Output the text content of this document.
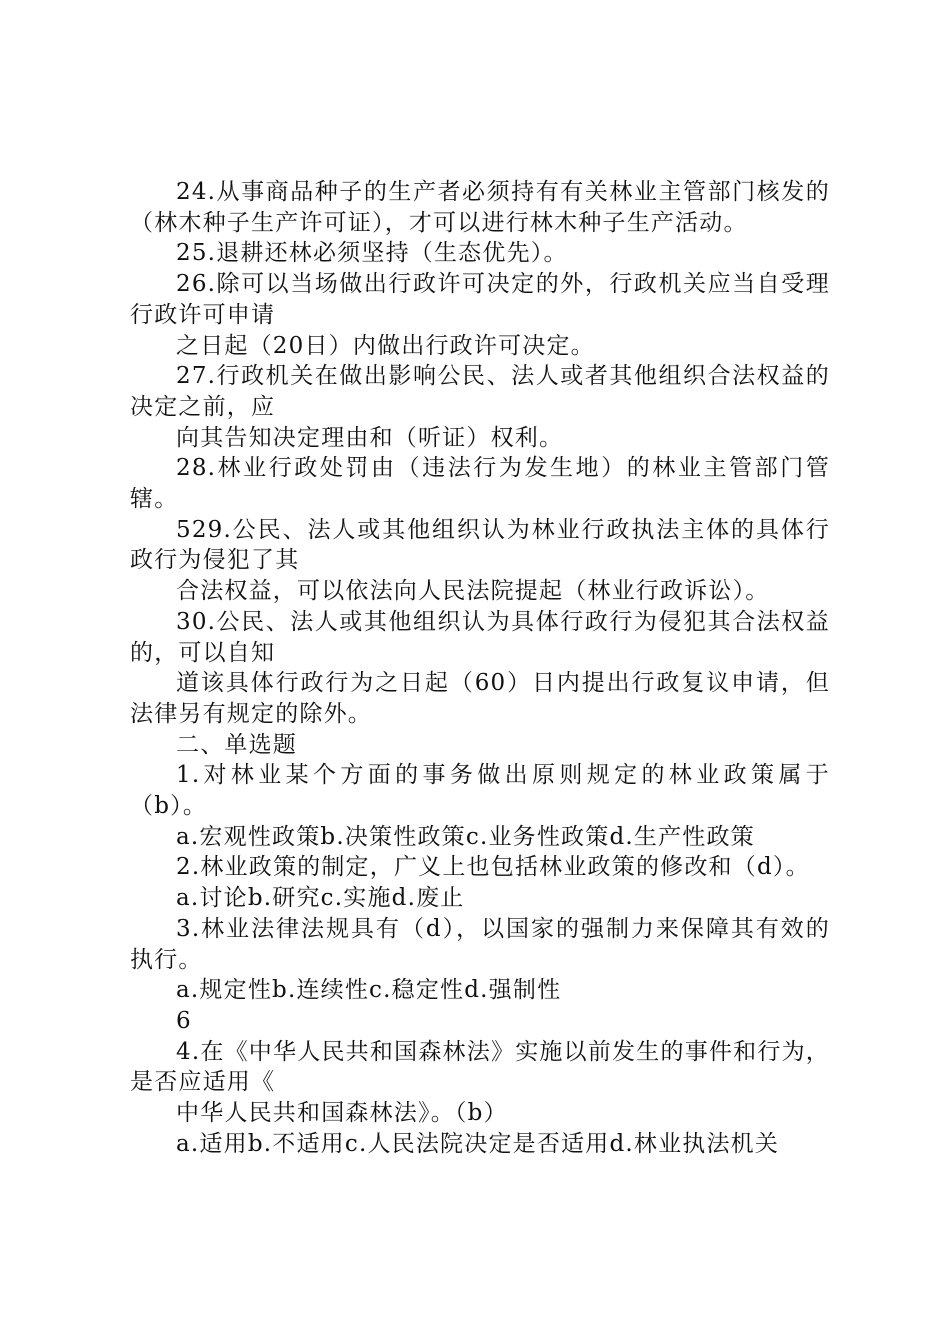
24.从事商品种子的生产者必须持有有关林业主管部门核发的（林木种子生产许可证），才可以进行林木种子生产活动。

25.退耕还林必须坚持（生态优先）。

26.除可以当场做出行政许可决定的外，行政机关应当自受理行政许可申请

之日起（20日）内做出行政许可决定。

27.行政机关在做出影响公民、法人或者其他组织合法权益的决定之前，应

向其告知决定理由和（听证）权利。

28.林业行政处罚由（违法行为发生地）的林业主管部门管辖。

529.公民、法人或其他组织认为林业行政执法主体的具体行政行为侵犯了其

合法权益，可以依法向人民法院提起（林业行政诉讼）。

30.公民、法人或其他组织认为具体行政行为侵犯其合法权益的，可以自知

道该具体行政行为之日起（60）日内提出行政复议申请，但法律另有规定的除外。

二、单选题

1.对林业某个方面的事务做出原则规定的林业政策属于（b）。

a.宏观性政策b.决策性政策c.业务性政策d.生产性政策

2.林业政策的制定，广义上也包括林业政策的修改和（d）。

a.讨论b.研究c.实施d.废止

3.林业法律法规具有（d），以国家的强制力来保障其有效的执行。

a.规定性b.连续性c.稳定性d.强制性

6

4.在《中华人民共和国森林法》实施以前发生的事件和行为，是否应适用《

中华人民共和国森林法》。（b）

a.适用b.不适用c.人民法院决定是否适用d.林业执法机关
